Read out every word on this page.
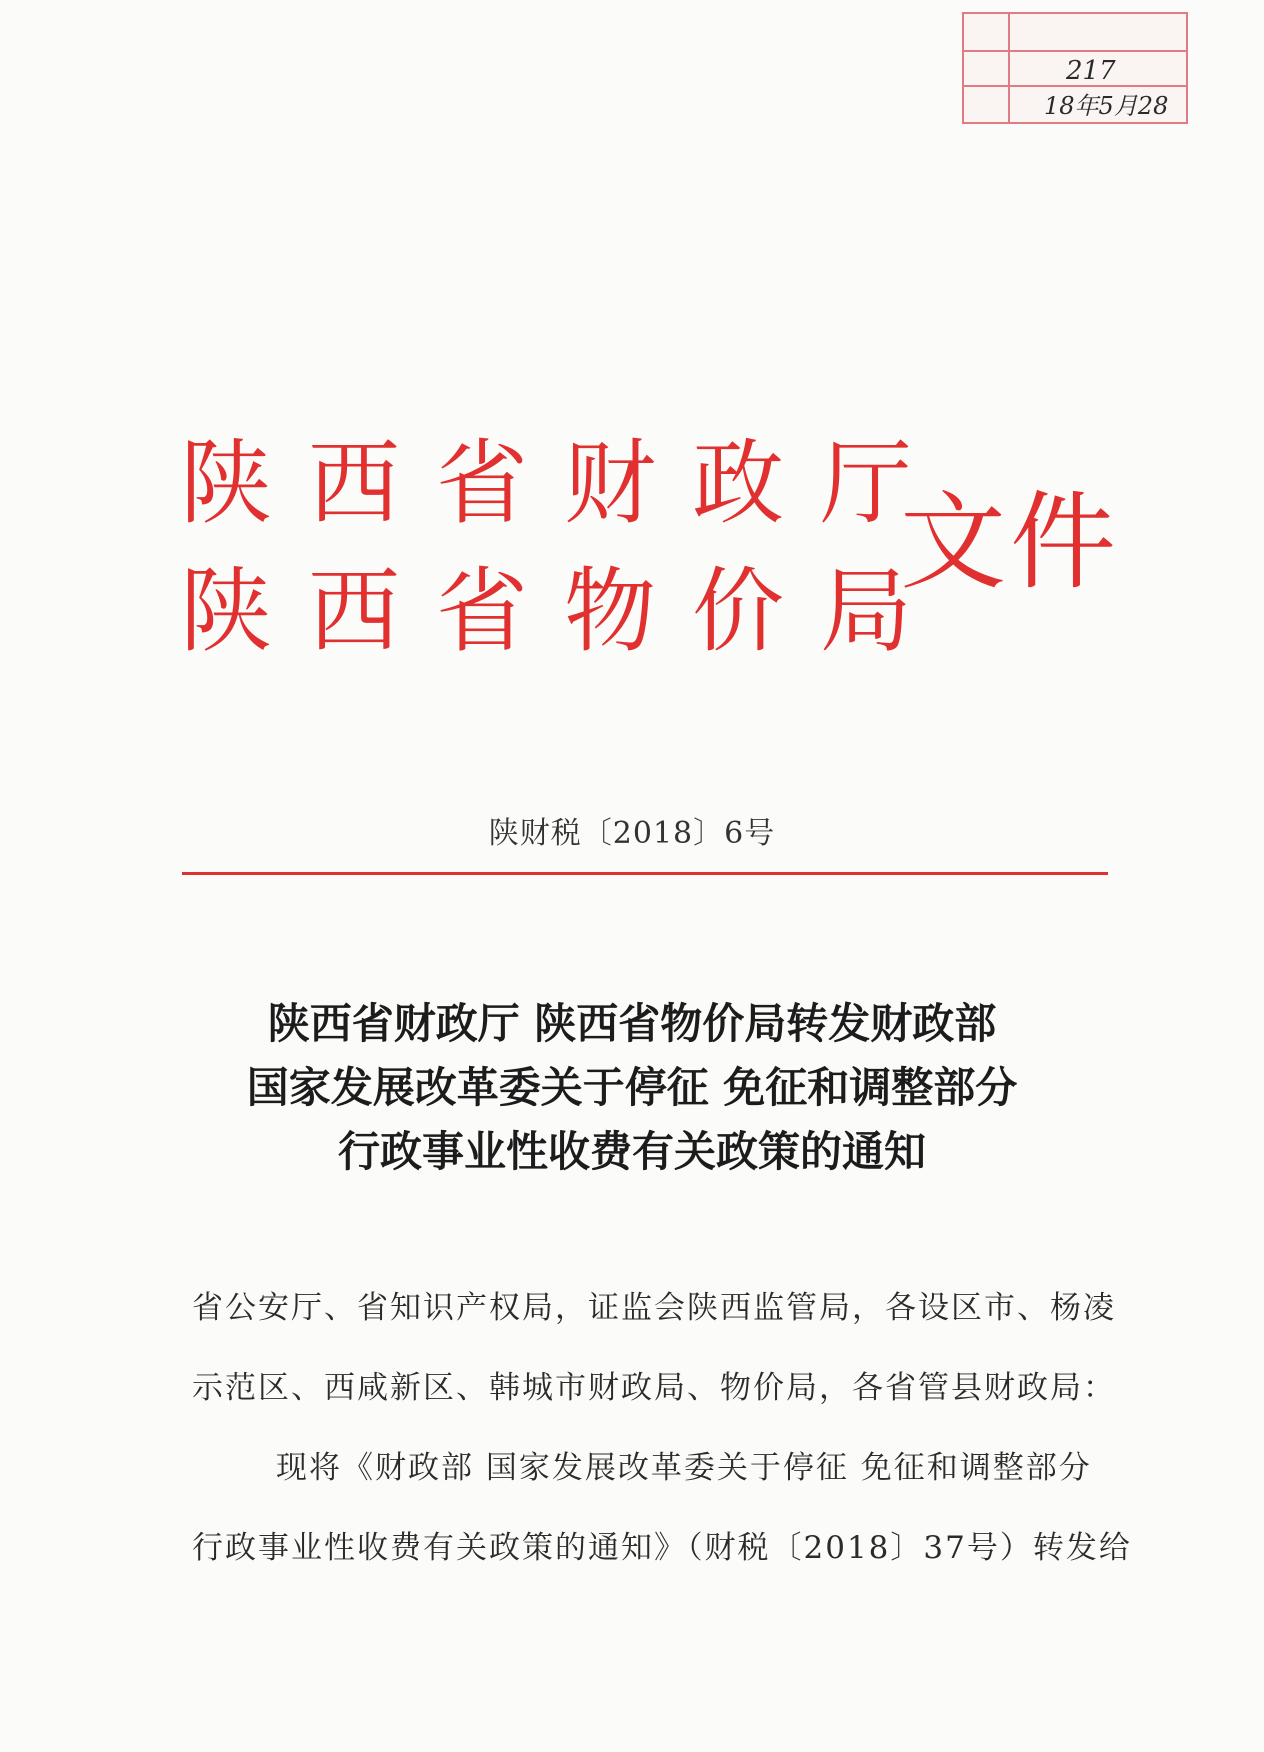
217
18年5月28
陕西省财政厅
陕西省物价局
文件
陕财税〔2018〕6号
陕西省财政厅 陕西省物价局转发财政部
国家发展改革委关于停征 免征和调整部分
行政事业性收费有关政策的通知

省公安厅、省知识产权局，证监会陕西监管局，各设区市、杨凌

示范区、西咸新区、韩城市财政局、物价局，各省管县财政局：

现将《财政部 国家发展改革委关于停征 免征和调整部分

行政事业性收费有关政策的通知》（财税〔2018〕37号）转发给
